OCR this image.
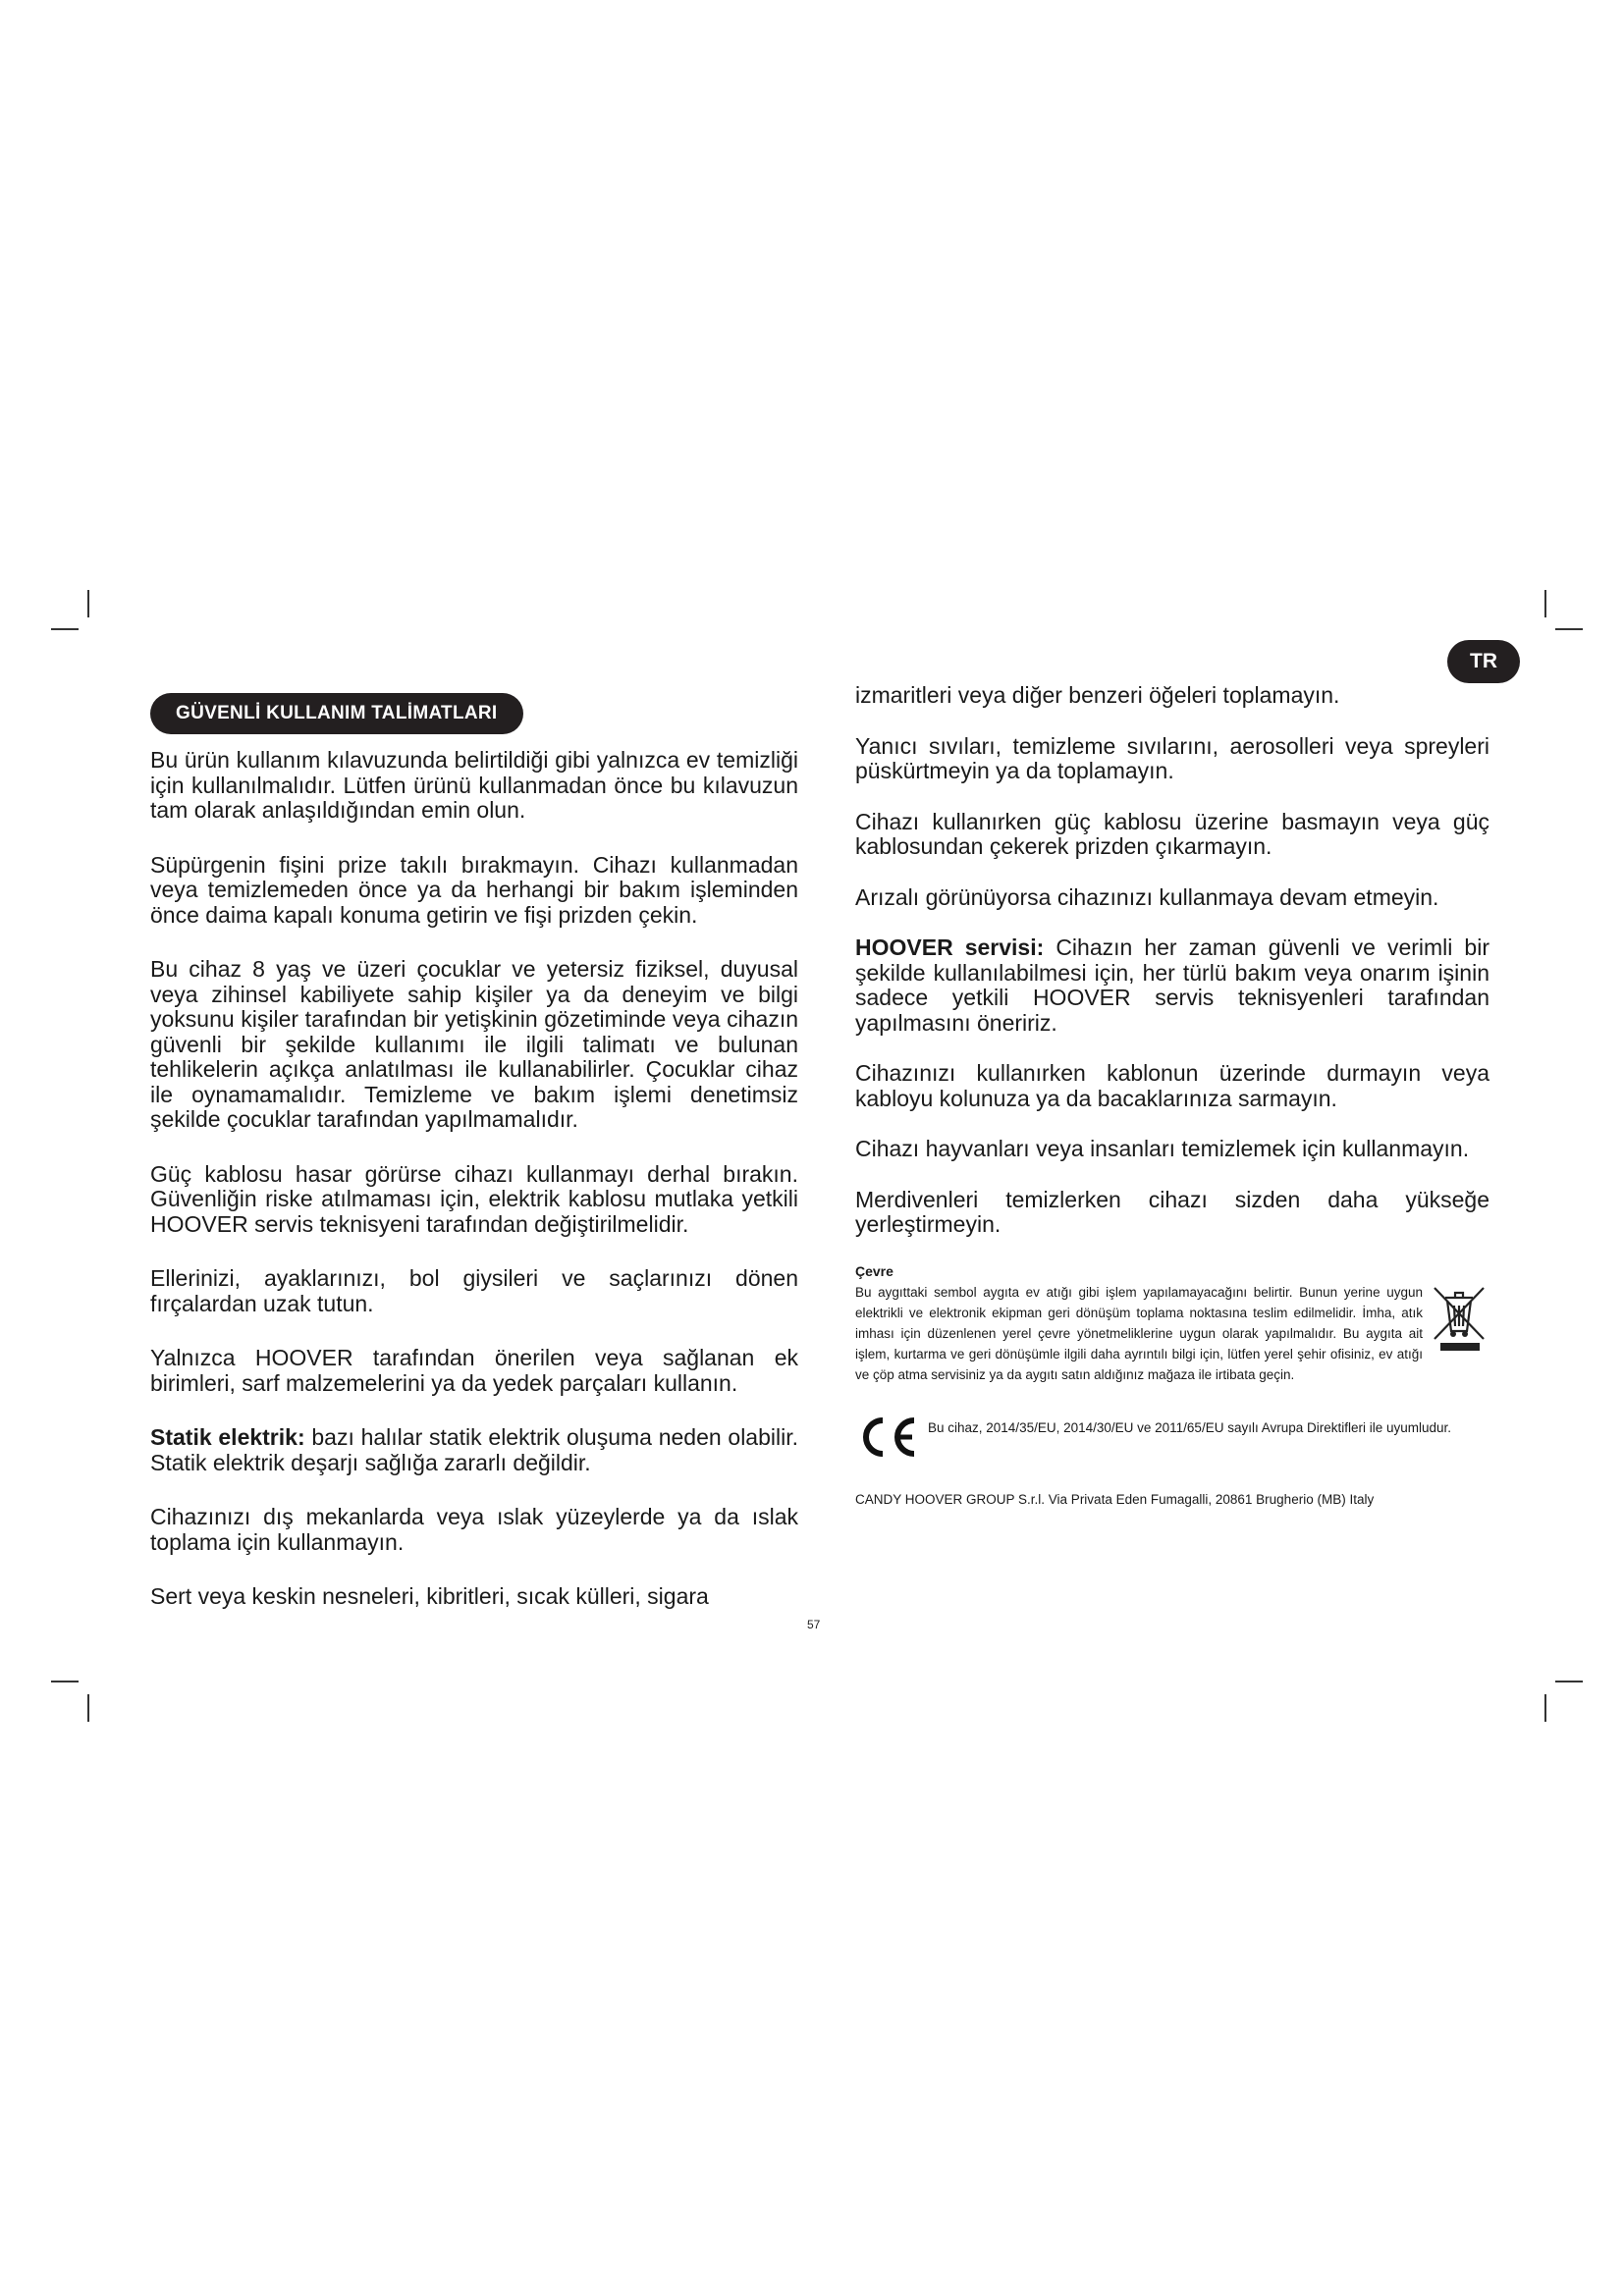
TR
GÜVENLİ KULLANIM TALİMATLARI

Bu ürün kullanım kılavuzunda belirtildiği gibi yalnızca ev temizliği için kullanılmalıdır. Lütfen ürünü kullanmadan önce bu kılavuzun tam olarak anlaşıldığından emin olun.

Süpürgenin fişini prize takılı bırakmayın. Cihazı kullanmadan veya temizlemeden önce ya da herhangi bir bakım işleminden önce daima kapalı konuma getirin ve fişi prizden çekin.

Bu cihaz 8 yaş ve üzeri çocuklar ve yetersiz fiziksel, duyusal veya zihinsel kabiliyete sahip kişiler ya da deneyim ve bilgi yoksunu kişiler tarafından bir yetişkinin gözetiminde veya cihazın güvenli bir şekilde kullanımı ile ilgili talimatı ve bulunan tehlikelerin açıkça anlatılması ile kullanabilirler. Çocuklar cihaz ile oynamamalıdır. Temizleme ve bakım işlemi denetimsiz şekilde çocuklar tarafından yapılmamalıdır.

Güç kablosu hasar görürse cihazı kullanmayı derhal bırakın. Güvenliğin riske atılmaması için, elektrik kablosu mutlaka yetkili HOOVER servis teknisyeni tarafından değiştirilmelidir.

Ellerinizi, ayaklarınızı, bol giysileri ve saçlarınızı dönen fırçalardan uzak tutun.

Yalnızca HOOVER tarafından önerilen veya sağlanan ek birimleri, sarf malzemelerini ya da yedek parçaları kullanın.

Statik elektrik: bazı halılar statik elektrik oluşuma neden olabilir. Statik elektrik deşarjı sağlığa zararlı değildir.

Cihazınızı dış mekanlarda veya ıslak yüzeylerde ya da ıslak toplama için kullanmayın.

Sert veya keskin nesneleri, kibritleri, sıcak külleri, sigara

izmaritleri veya diğer benzeri öğeleri toplamayın.

Yanıcı sıvıları, temizleme sıvılarını, aerosolleri veya spreyleri püskürtmeyin ya da toplamayın.

Cihazı kullanırken güç kablosu üzerine basmayın veya güç kablosundan çekerek prizden çıkarmayın.

Arızalı görünüyorsa cihazınızı kullanmaya devam etmeyin.

HOOVER servisi: Cihazın her zaman güvenli ve verimli bir şekilde kullanılabilmesi için, her türlü bakım veya onarım işinin sadece yetkili HOOVER servis teknisyenleri tarafından yapılmasını öneririz.

Cihazınızı kullanırken kablonun üzerinde durmayın veya kabloyu kolunuza ya da bacaklarınıza sarmayın.

Cihazı hayvanları veya insanları temizlemek için kullanmayın.

Merdivenleri temizlerken cihazı sizden daha yükseğe yerleştirmeyin.

Çevre

Bu aygıttaki sembol aygıta ev atığı gibi işlem yapılamayacağını belirtir. Bunun yerine uygun elektrikli ve elektronik ekipman geri dönüşüm toplama noktasına teslim edilmelidir. İmha, atık imhası için düzenlenen yerel çevre yönetmeliklerine uygun olarak yapılmalıdır. Bu aygıta ait işlem, kurtarma ve geri dönüşümle ilgili daha ayrıntılı bilgi için, lütfen yerel şehir ofisiniz, ev atığı ve çöp atma servisiniz ya da aygıtı satın aldığınız mağaza ile irtibata geçin.

Bu cihaz, 2014/35/EU, 2014/30/EU ve 2011/65/EU sayılı Avrupa Direktifleri ile uyumludur.

CANDY HOOVER GROUP S.r.l. Via Privata Eden Fumagalli, 20861 Brugherio (MB) Italy

57
